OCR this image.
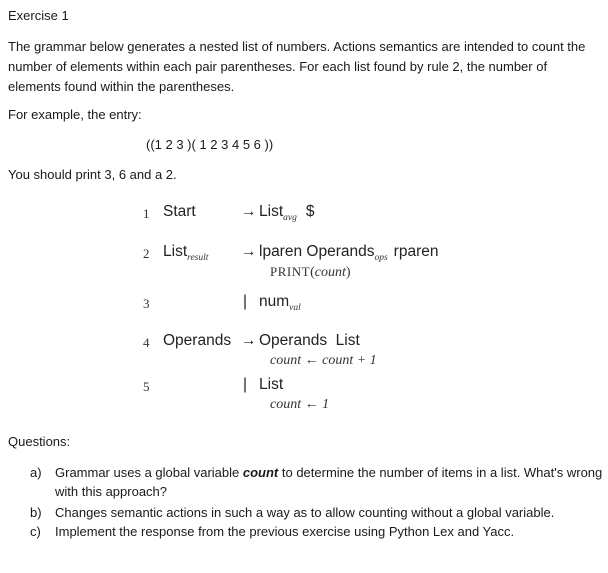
Exercise 1
The grammar below generates a nested list of numbers. Actions semantics are intended to count the number of elements within each pair parentheses. For each list found by rule 2, the number of elements found within the parentheses.
For example, the entry:
((1 2 3 )( 1 2 3 4 5 6 ))
You should print 3, 6 and a 2.
1 Start	→ List$_{avg}$ $
2 List$_{result}$ → lparen Operands$_{ops}$ rparen
PRINT(count)
3	| num$_{val}$
4 Operands → Operands  List
count ← count + 1
5	| List
count ← 1
Questions:
a) Grammar uses a global variable count to determine the number of items in a list. What's wrong with this approach?
b) Changes semantic actions in such a way as to allow counting without a global variable.
c) Implement the response from the previous exercise using Python Lex and Yacc.
